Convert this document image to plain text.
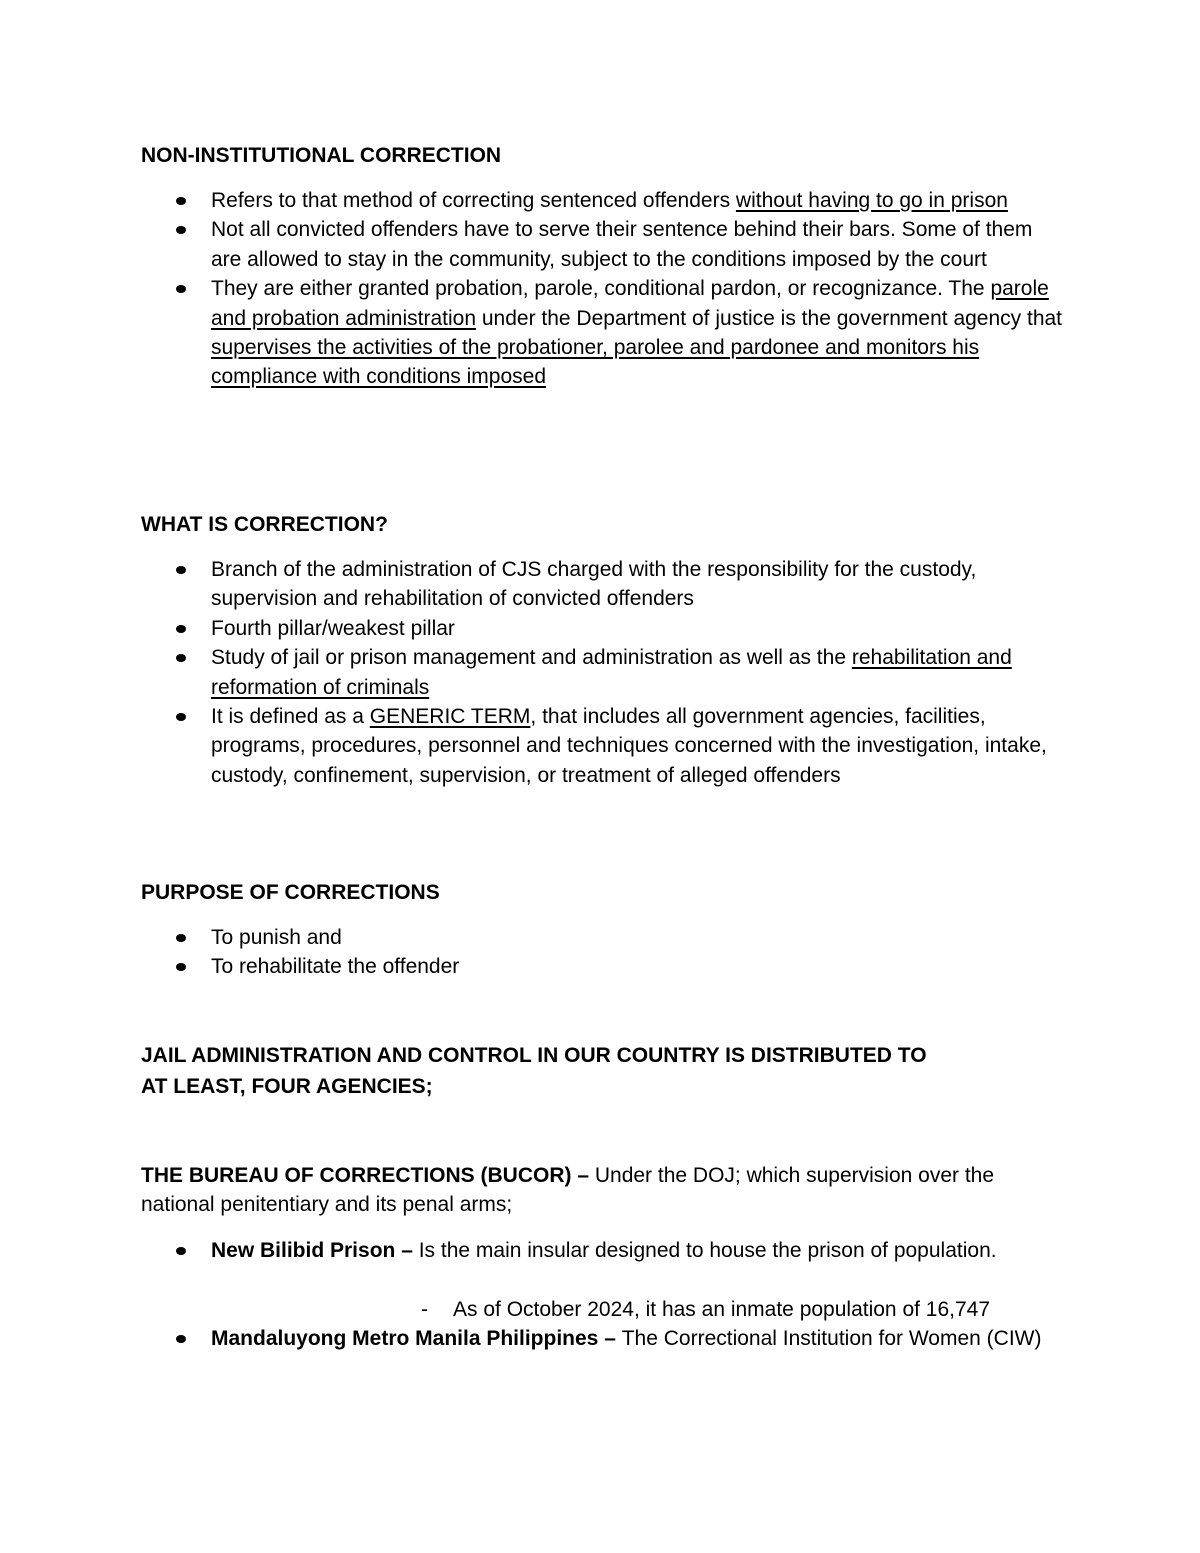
NON-INSTITUTIONAL CORRECTION

Refers to that method of correcting sentenced offenders without having to go in prison
Not all convicted offenders have to serve their sentence behind their bars. Some of them are allowed to stay in the community, subject to the conditions imposed by the court
They are either granted probation, parole, conditional pardon, or recognizance. The parole and probation administration under the Department of justice is the government agency that supervises the activities of the probationer, parolee and pardonee and monitors his compliance with conditions imposed

WHAT IS CORRECTION?

Branch of the administration of CJS charged with the responsibility for the custody, supervision and rehabilitation of convicted offenders
Fourth pillar/weakest pillar
Study of jail or prison management and administration as well as the rehabilitation and reformation of criminals
It is defined as a GENERIC TERM, that includes all government agencies, facilities, programs, procedures, personnel and techniques concerned with the investigation, intake, custody, confinement, supervision, or treatment of alleged offenders

PURPOSE OF CORRECTIONS

To punish and
To rehabilitate the offender

JAIL ADMINISTRATION AND CONTROL IN OUR COUNTRY IS DISTRIBUTED TO

AT LEAST, FOUR AGENCIES;

THE BUREAU OF CORRECTIONS (BUCOR) – Under the DOJ; which supervision over the national penitentiary and its penal arms;

New Bilibid Prison – Is the main insular designed to house the prison of population.

- As of October 2024, it has an inmate population of 16,747

Mandaluyong Metro Manila Philippines – The Correctional Institution for Women (CIW)
